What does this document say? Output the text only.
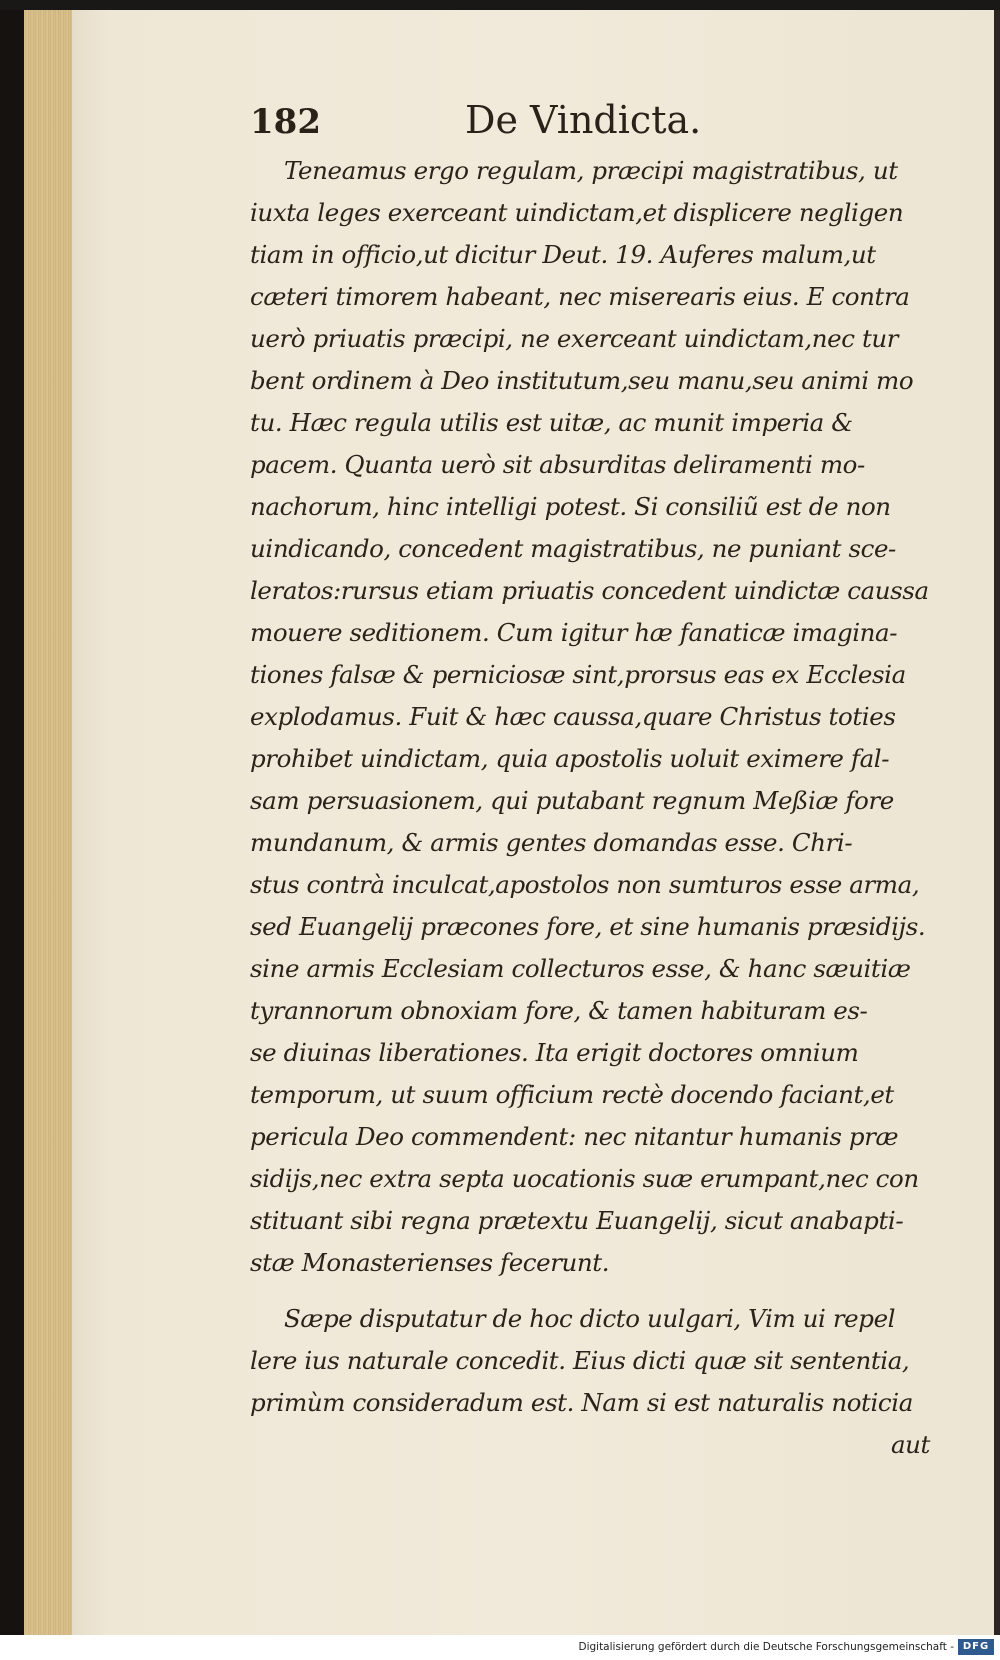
182	De Vindicta.
Teneamus ergo regulam, præcipi magistratibus, ut
iuxta leges exerceant uindictam,et displicere negligen
tiam in officio,ut dicitur Deut. 19. Auferes malum,ut
cæteri timorem habeant, nec miserearis eius. E contra
uerò priuatis præcipi, ne exerceant uindictam,nec tur
bent ordinem à Deo institutum,seu manu,seu animi mo
tu. Hæc regula utilis est uitæ, ac munit imperia &
pacem. Quanta uerò sit absurditas deliramenti mo-
nachorum, hinc intelligi potest. Si consiliũ est de non
uindicando, concedent magistratibus, ne puniant sce-
leratos:rursus etiam priuatis concedent uindictæ caussa
mouere seditionem. Cum igitur hæ fanaticæ imagina-
tiones falsæ & perniciosæ sint,prorsus eas ex Ecclesia
explodamus. Fuit & hæc caussa,quare Christus toties
prohibet uindictam, quia apostolis uoluit eximere fal-
sam persuasionem, qui putabant regnum Meßiæ fore
mundanum, & armis gentes domandas esse. Chri-
stus contrà inculcat,apostolos non sumturos esse arma,
sed Euangelij præcones fore, et sine humanis præsidijs.
sine armis Ecclesiam collecturos esse, & hanc sæuitiæ
tyrannorum obnoxiam fore, & tamen habituram es-
se diuinas liberationes. Ita erigit doctores omnium
temporum, ut suum officium rectè docendo faciant,et
pericula Deo commendent: nec nitantur humanis præ
sidijs,nec extra septa uocationis suæ erumpant,nec con
stituant sibi regna prætextu Euangelij, sicut anabapti-
stæ Monasterienses fecerunt.
Sæpe disputatur de hoc dicto uulgari, Vim ui repel
lere ius naturale concedit. Eius dicti quæ sit sententia,
primùm consideradum est. Nam si est naturalis noticia
aut
Digitalisierung gefördert durch die Deutsche Forschungsgemeinschaft - DFG
